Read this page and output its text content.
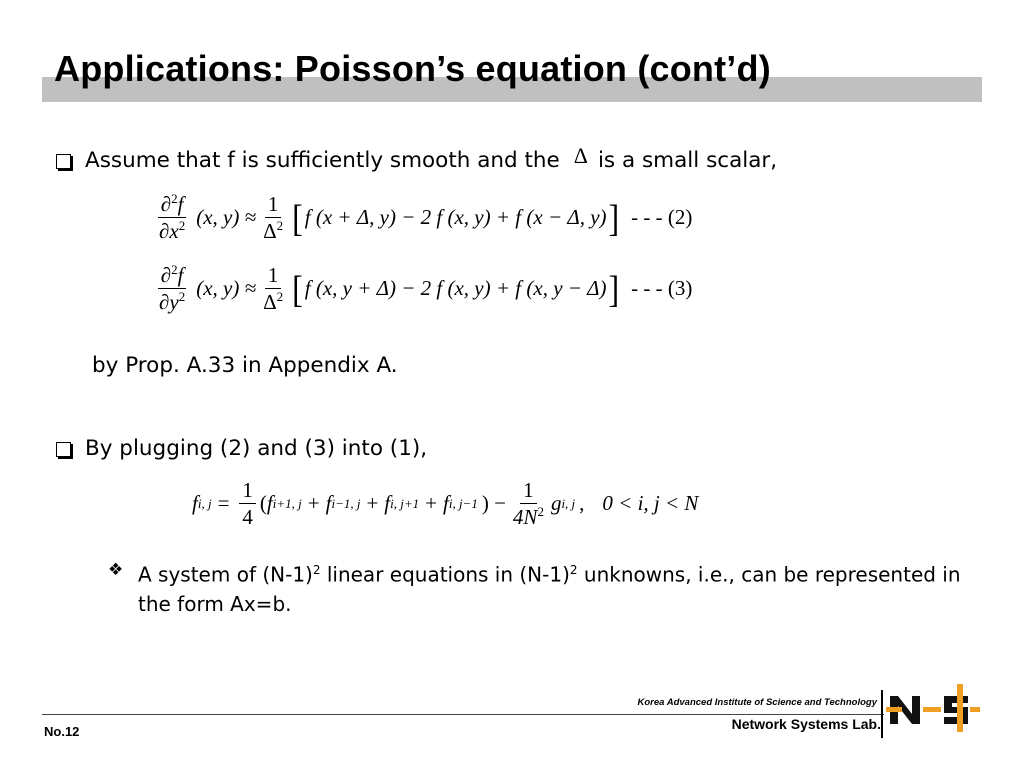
Applications: Poisson’s equation (cont’d)
Assume that f is sufficiently smooth and the Δ is a small scalar,
$\frac{\partial^2f}{\partial x^2} (x$, $y) \approx \frac{1}{\Delta^2}$ [ f (x + Δ, y) − 2 f (x, y) + f (x − Δ, y) ] - - - (2)
$\frac{\partial^2f}{\partial y^2} (x$, $y) \approx \frac{1}{\Delta^2}$ [ f (x, y + Δ) − 2 f (x, y) + f (x, y − Δ) ] - - - (3)
by Prop. A.33 in Appendix A.
By plugging (2) and (3) into (1),
f i, $j = \frac{1}{4}$ ( f i+1, j + f i−1, j + f i, j+1 + f i, j−1 ) − $\frac{1}{4N^2}$ g i, j , 0 < i, j < N
❖ A system of $(N-1)^2$ linear equations in $(N-1)^2$ unknowns, i.e., can be represented in the form Ax=b.
No.12
Korea Advanced Institute of Science and Technology
Network Systems Lab.
